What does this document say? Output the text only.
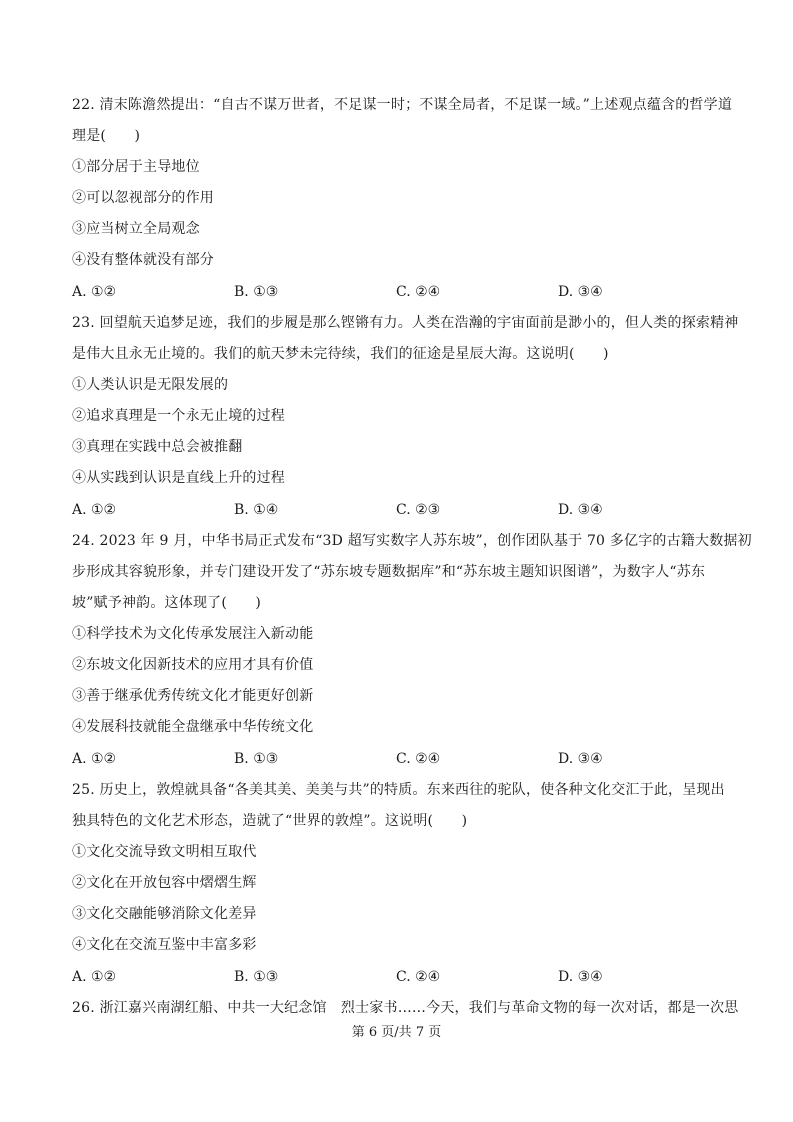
22. 清末陈澹然提出：“自古不谋万世者，不足谋一时；不谋全局者，不足谋一域。”上述观点蕴含的哲学道
理是(　　)
①部分居于主导地位
②可以忽视部分的作用
③应当树立全局观念
④没有整体就没有部分
A. ①②	B. ①③	C. ②④	D. ③④
23. 回望航天追梦足迹，我们的步履是那么铿锵有力。人类在浩瀚的宇宙面前是渺小的，但人类的探索精神
是伟大且永无止境的。我们的航天梦未完待续，我们的征途是星辰大海。这说明(　　)
①人类认识是无限发展的
②追求真理是一个永无止境的过程
③真理在实践中总会被推翻
④从实践到认识是直线上升的过程
A. ①②	B. ①④	C. ②③	D. ③④
24. 2023 年 9 月，中华书局正式发布“3D 超写实数字人苏东坡”，创作团队基于 70 多亿字的古籍大数据初
步形成其容貌形象，并专门建设开发了“苏东坡专题数据库”和“苏东坡主题知识图谱”，为数字人“苏东
坡”赋予神韵。这体现了(　　)
①科学技术为文化传承发展注入新动能
②东坡文化因新技术的应用才具有价值
③善于继承优秀传统文化才能更好创新
④发展科技就能全盘继承中华传统文化
A. ①②	B. ①③	C. ②④	D. ③④
25. 历史上，敦煌就具备“各美其美、美美与共”的特质。东来西往的驼队，使各种文化交汇于此，呈现出
独具特色的文化艺术形态，造就了“世界的敦煌”。这说明(　　)
①文化交流导致文明相互取代
②文化在开放包容中熠熠生辉
③文化交融能够消除文化差异
④文化在交流互鉴中丰富多彩
A. ①②	B. ①③	C. ②④	D. ③④
26. 浙江嘉兴南湖红船、中共一大纪念馆　烈士家书……今天，我们与革命文物的每一次对话，都是一次思
第 6 页/共 7 页
